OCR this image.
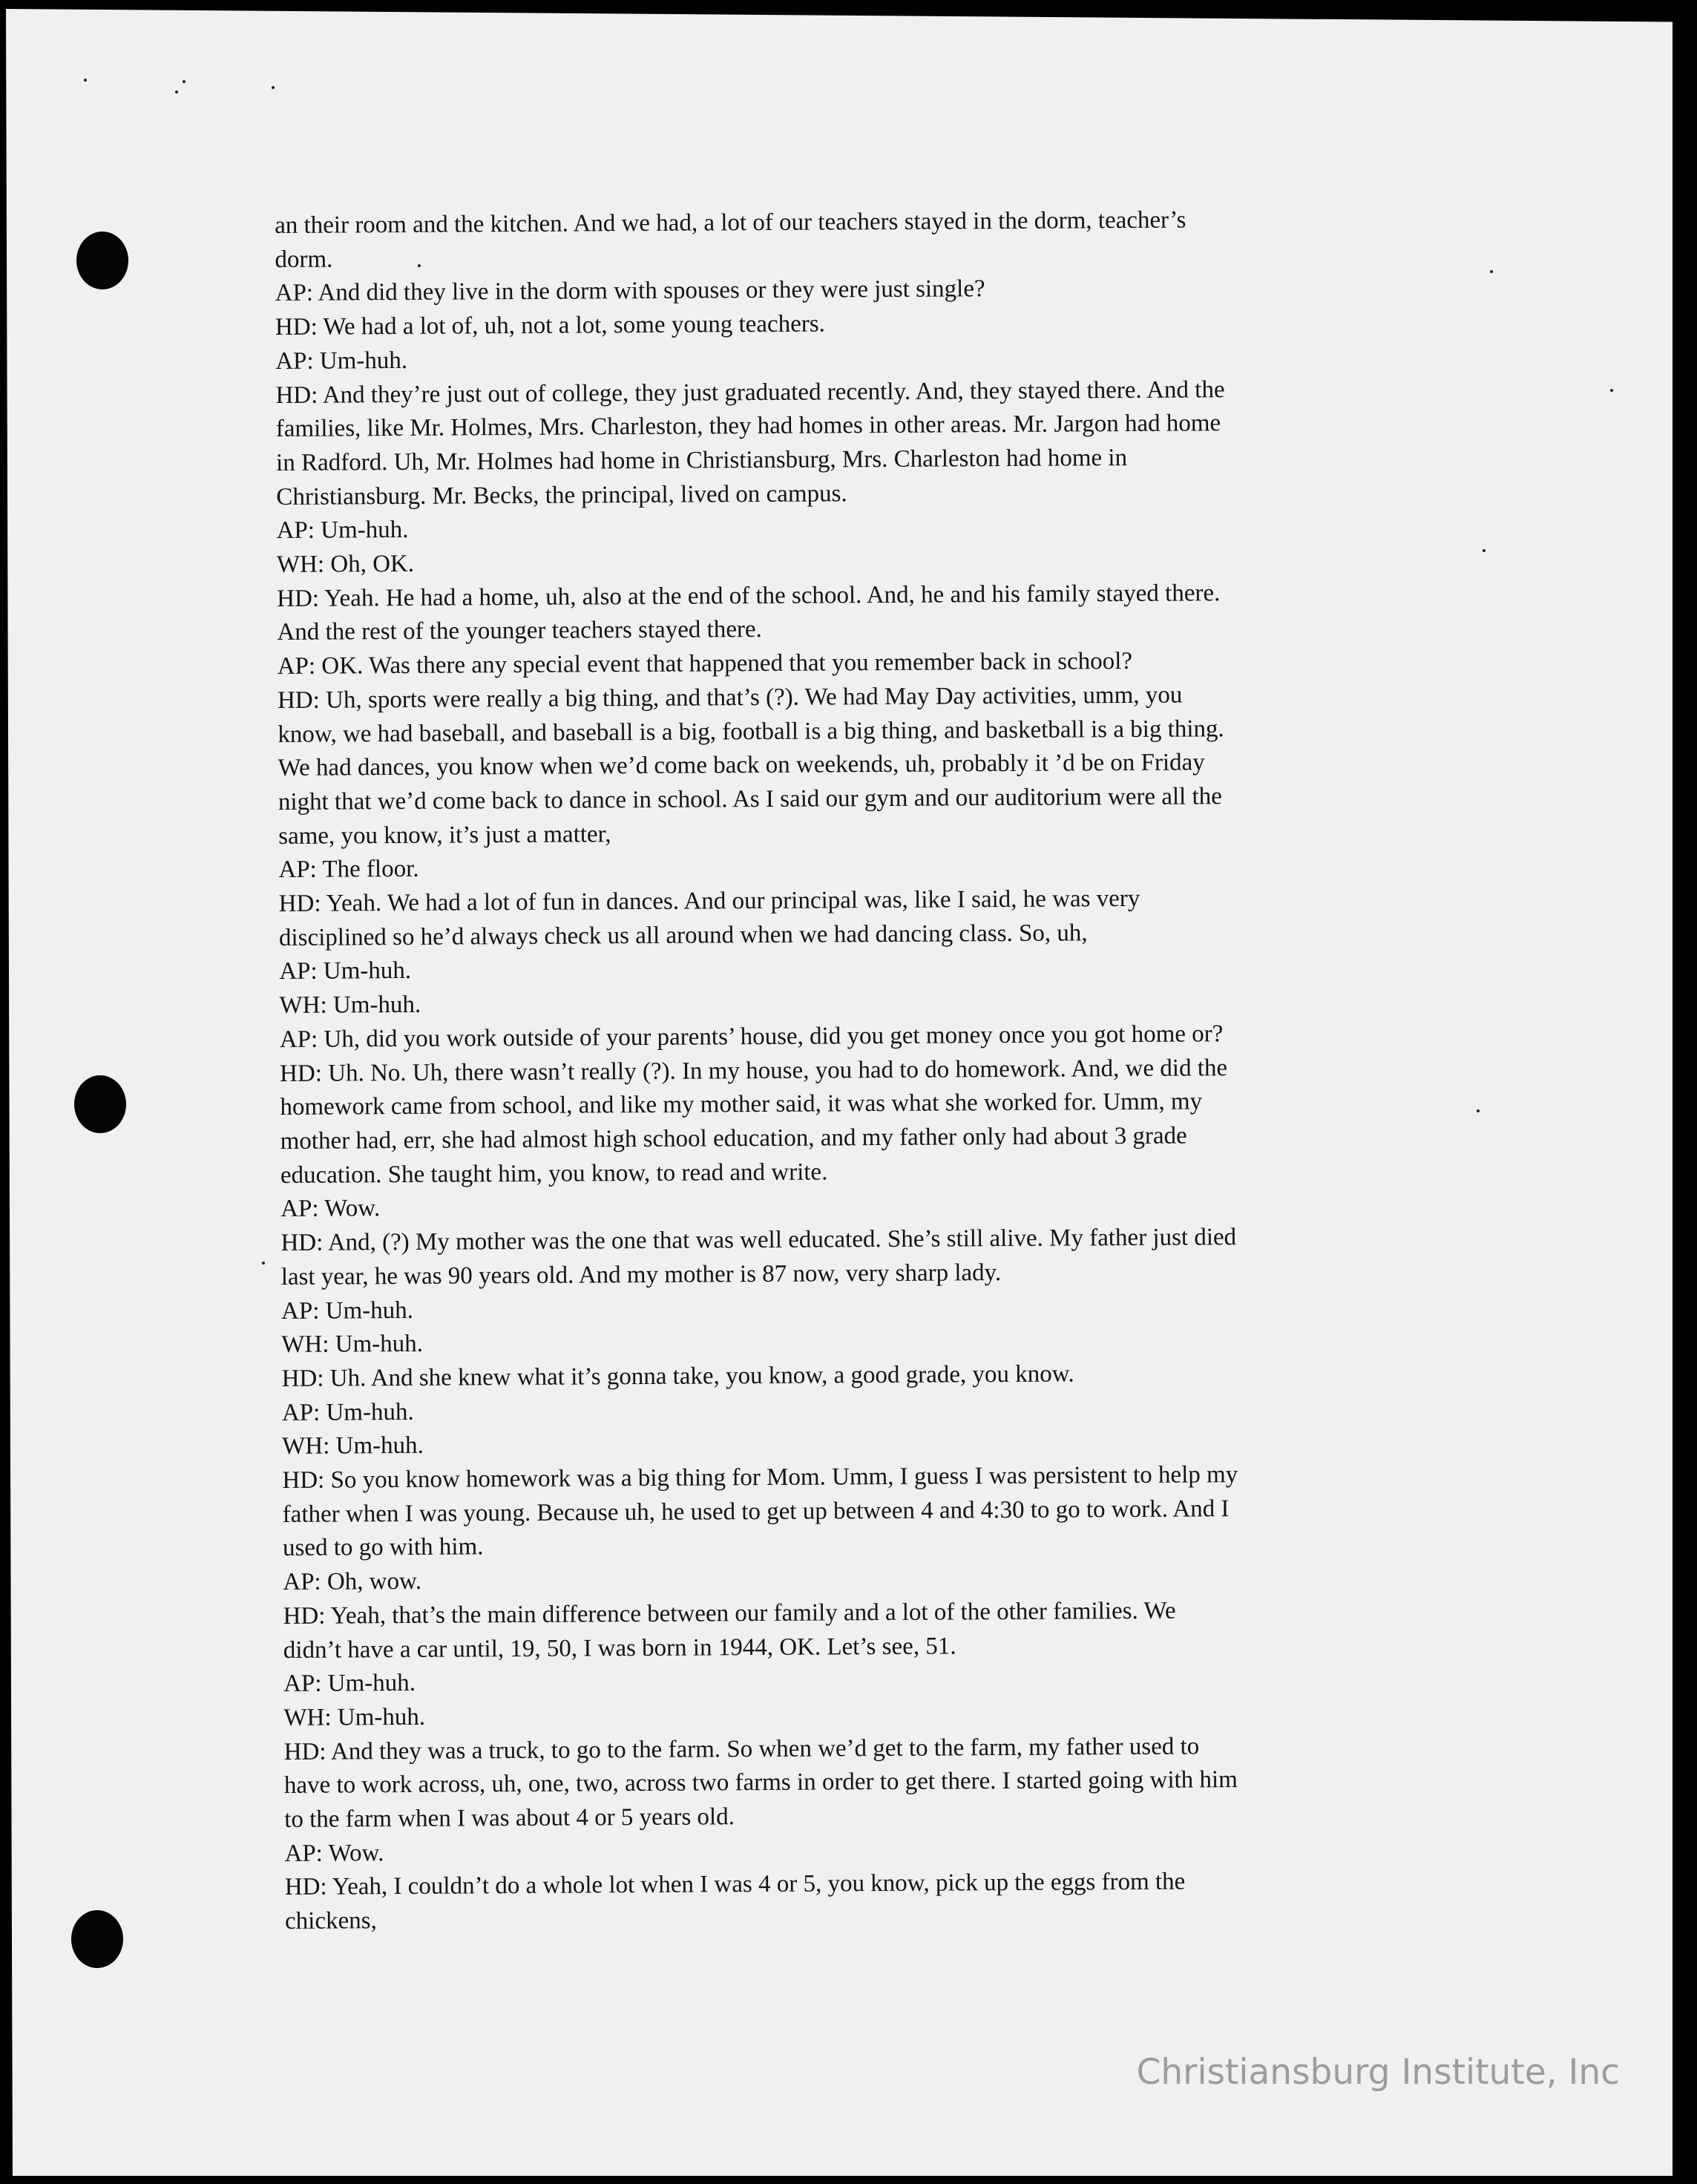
an their room and the kitchen. And we had, a lot of our teachers stayed in the dorm, teacher’s
dorm.
AP: And did they live in the dorm with spouses or they were just single?
HD: We had a lot of, uh, not a lot, some young teachers.
AP: Um-huh.
HD: And they’re just out of college, they just graduated recently. And, they stayed there. And the
families, like Mr. Holmes, Mrs. Charleston, they had homes in other areas. Mr. Jargon had home
in Radford. Uh, Mr. Holmes had home in Christiansburg, Mrs. Charleston had home in
Christiansburg. Mr. Becks, the principal, lived on campus.
AP: Um-huh.
WH: Oh, OK.
HD: Yeah. He had a home, uh, also at the end of the school. And, he and his family stayed there.
And the rest of the younger teachers stayed there.
AP: OK. Was there any special event that happened that you remember back in school?
HD: Uh, sports were really a big thing, and that’s (?). We had May Day activities, umm, you
know, we had baseball, and baseball is a big, football is a big thing, and basketball is a big thing.
We had dances, you know when we’d come back on weekends, uh, probably it ’d be on Friday
night that we’d come back to dance in school. As I said our gym and our auditorium were all the
same, you know, it’s just a matter,
AP: The floor.
HD: Yeah. We had a lot of fun in dances. And our principal was, like I said, he was very
disciplined so he’d always check us all around when we had dancing class. So, uh,
AP: Um-huh.
WH: Um-huh.
AP: Uh, did you work outside of your parents’ house, did you get money once you got home or?
HD: Uh. No. Uh, there wasn’t really (?). In my house, you had to do homework. And, we did the
homework came from school, and like my mother said, it was what she worked for. Umm, my
mother had, err, she had almost high school education, and my father only had about 3 grade
education. She taught him, you know, to read and write.
AP: Wow.
HD: And, (?) My mother was the one that was well educated. She’s still alive. My father just died
last year, he was 90 years old. And my mother is 87 now, very sharp lady.
AP: Um-huh.
WH: Um-huh.
HD: Uh. And she knew what it’s gonna take, you know, a good grade, you know.
AP: Um-huh.
WH: Um-huh.
HD: So you know homework was a big thing for Mom. Umm, I guess I was persistent to help my
father when I was young. Because uh, he used to get up between 4 and 4:30 to go to work. And I
used to go with him.
AP: Oh, wow.
HD: Yeah, that’s the main difference between our family and a lot of the other families. We
didn’t have a car until, 19, 50, I was born in 1944, OK. Let’s see, 51.
AP: Um-huh.
WH: Um-huh.
HD: And they was a truck, to go to the farm. So when we’d get to the farm, my father used to
have to work across, uh, one, two, across two farms in order to get there. I started going with him
to the farm when I was about 4 or 5 years old.
AP: Wow.
HD: Yeah, I couldn’t do a whole lot when I was 4 or 5, you know, pick up the eggs from the
chickens,
Christiansburg Institute, Inc
